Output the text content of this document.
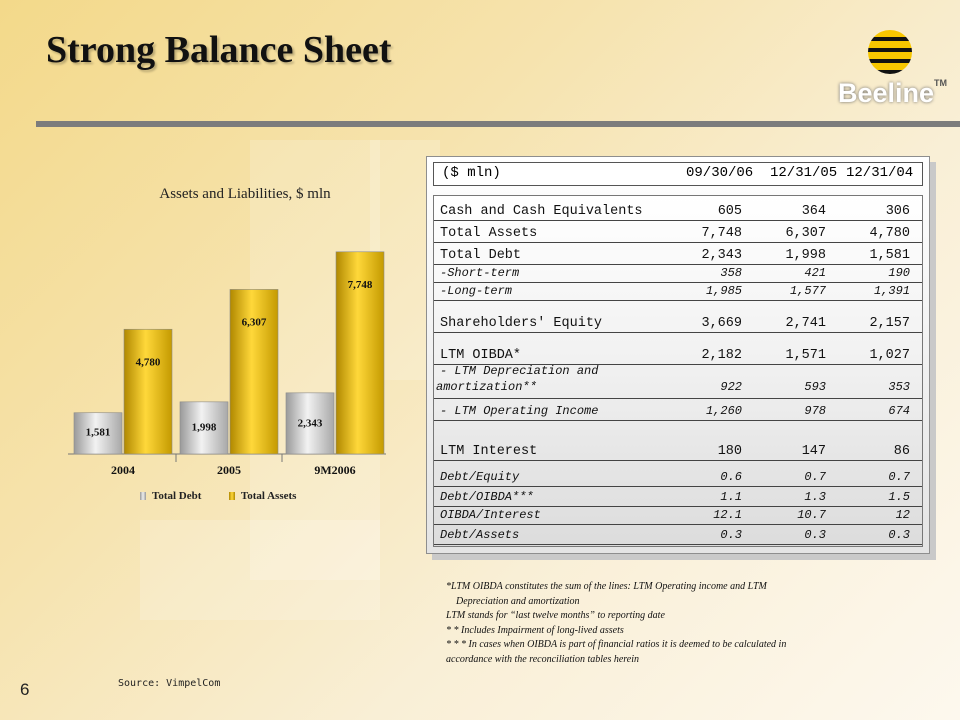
Strong Balance Sheet
Beeline™
Assets and Liabilities, $ mln
1,581
4,780
2004
1,998
6,307
2005
2,343
7,748
9M2006
Total Debt	Total Assets
($ mln)	09/30/06 12/31/05 12/31/04
Cash and Cash Equivalents	605	364	306
Total Assets	7,748	6,307	4,780
Total Debt	2,343	1,998	1,581
-Short-term	358	421	190
-Long-term	1,985	1,577	1,391
Shareholders' Equity	3,669	2,741	2,157
LTM OIBDA*	2,182	1,571	1,027
amortization**
- LTM Depreciation and
922	593	353
- LTM Operating Income	1,260	978	674
LTM Interest	180	147	86
Debt/Equity	0.6	0.7	0.7
Debt/OIBDA***	1.1	1.3	1.5
OIBDA/Interest	12.1	10.7	12
Debt/Assets	0.3	0.3	0.3
*LTM OIBDA constitutes the sum of the lines: LTM Operating income and LTM
Depreciation and amortization
LTM stands for “last twelve months” to reporting date
* * Includes Impairment of long-lived assets
* * * In cases when OIBDA is part of financial ratios it is deemed to be calculated in
accordance with the reconciliation tables herein
6	Source: VimpelCom
